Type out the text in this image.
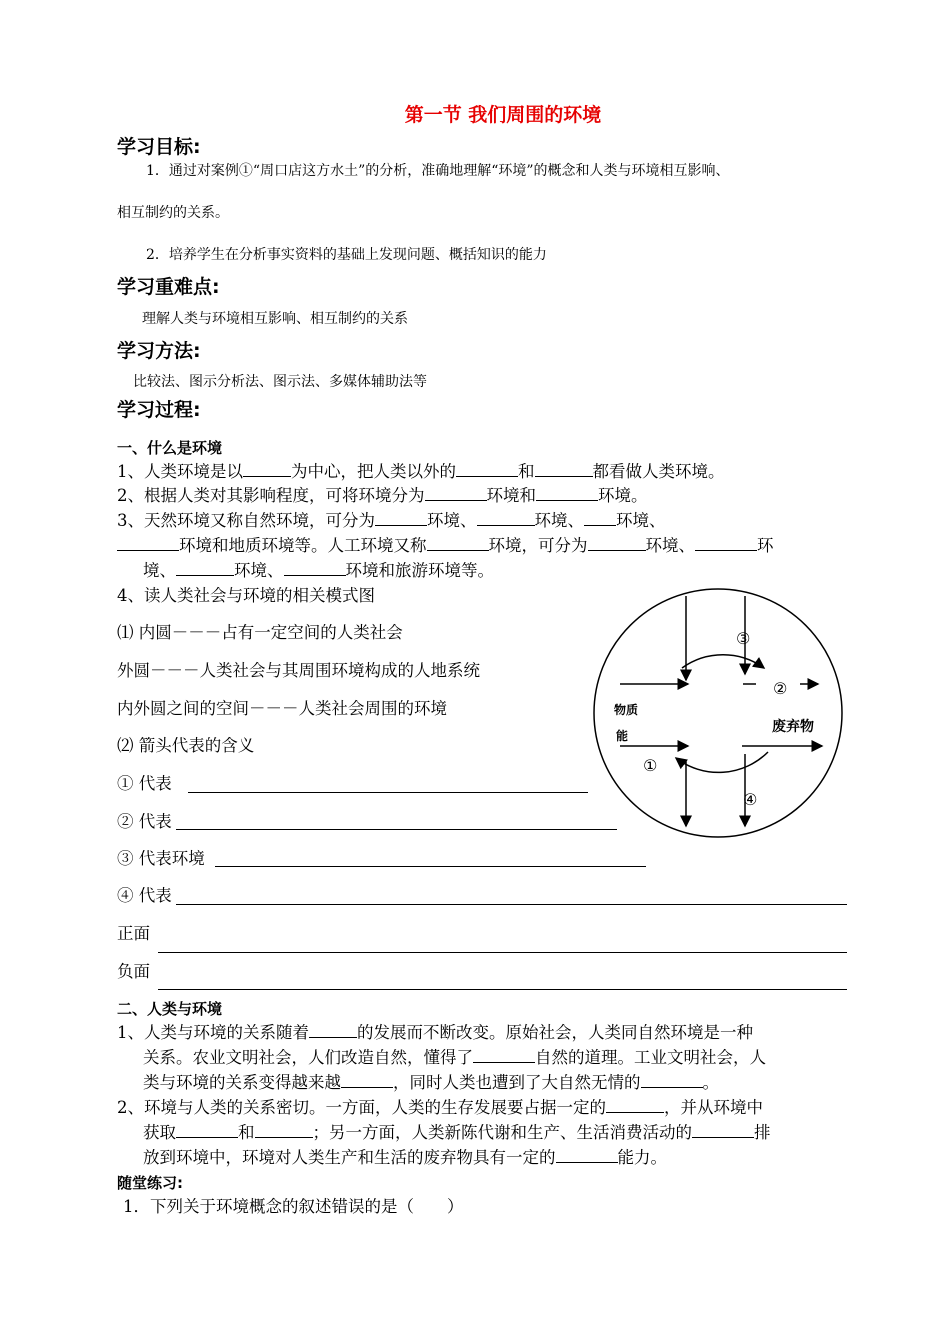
第一节 我们周围的环境
学习目标:
1．通过对案例①“周口店这方水土”的分析，准确地理解“环境”的概念和人类与环境相互影响、
相互制约的关系。
2．培养学生在分析事实资料的基础上发现问题、概括知识的能力
学习重难点:
理解人类与环境相互影响、相互制约的关系
学习方法:
比较法、图示分析法、图示法、多媒体辅助法等
学习过程:
一、什么是环境
1、人类环境是以	为中心，把人类以外的	和	都看做人类环境。
2、根据人类对其影响程度，可将环境分为	环境和	环境。
3、天然环境又称自然环境，可分为	环境、	环境、 环境、
环境和地质环境等。人工环境又称	环境，可分为	环境、	环
境、	环境、	环境和旅游环境等。
4、读人类社会与环境的相关模式图
⑴ 内圆－－－占有一定空间的人类社会
外圆－－－人类社会与其周围环境构成的人地系统
内外圆之间的空间－－－人类社会周围的环境
⑵ 箭头代表的含义
① 代表
② 代表
③ 代表环境
④ 代表
正面
负面
③
②
①
④
物质
能
废弃物
二、人类与环境
1、人类与环境的关系随着	的发展而不断改变。原始社会，人类同自然环境是一种
关系。农业文明社会，人们改造自然，懂得了	自然的道理。工业文明社会，人
类与环境的关系变得越来越	，同时人类也遭到了大自然无情的	。
2、环境与人类的关系密切。一方面，人类的生存发展要占据一定的	，并从环境中
获取	和	；另一方面，人类新陈代谢和生产、生活消费活动的	排
放到环境中，环境对人类生产和生活的废弃物具有一定的	能力。
随堂练习:
1．下列关于环境概念的叙述错误的是（　　）
